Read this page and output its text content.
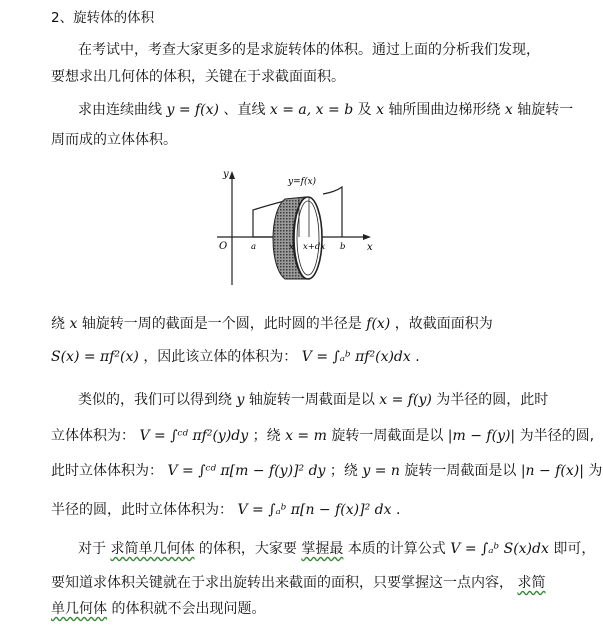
2、旋转体的体积
在考试中，考查大家更多的是求旋转体的体积。通过上面的分析我们发现，
要想求出几何体的体积，关键在于求截面面积。
求由连续曲线 y = f(x) 、直线 x = a, x = b 及 x 轴所围曲边梯形绕 x 轴旋转一
周而成的立体体积。
y=f(x)
y
x
O	a	x x+dx b
绕 x 轴旋转一周的截面是一个圆，此时圆的半径是 f(x) ，故截面面积为
S(x) = πf²(x) ，因此该立体的体积为： V = ∫ₐᵇ πf²(x)dx .
类似的，我们可以得到绕 y 轴旋转一周截面是以 x = f(y) 为半径的圆，此时
立体体积为： V = ∫ᶜᵈ πf²(y)dy ；绕 x = m 旋转一周截面是以 |m − f(y)| 为半径的圆,
此时立体体积为： V = ∫ᶜᵈ π[m − f(y)]² dy ；绕 y = n 旋转一周截面是以 |n − f(x)| 为
半径的圆，此时立体体积为： V = ∫ₐᵇ π[n − f(x)]² dx .
对于 求简单几何体 的体积，大家要 掌握最 本质的计算公式 V = ∫ₐᵇ S(x)dx 即可，
要知道求体积关键就在于求出旋转出来截面的面积，只要掌握这一点内容， 求简
单几何体 的体积就不会出现问题。
